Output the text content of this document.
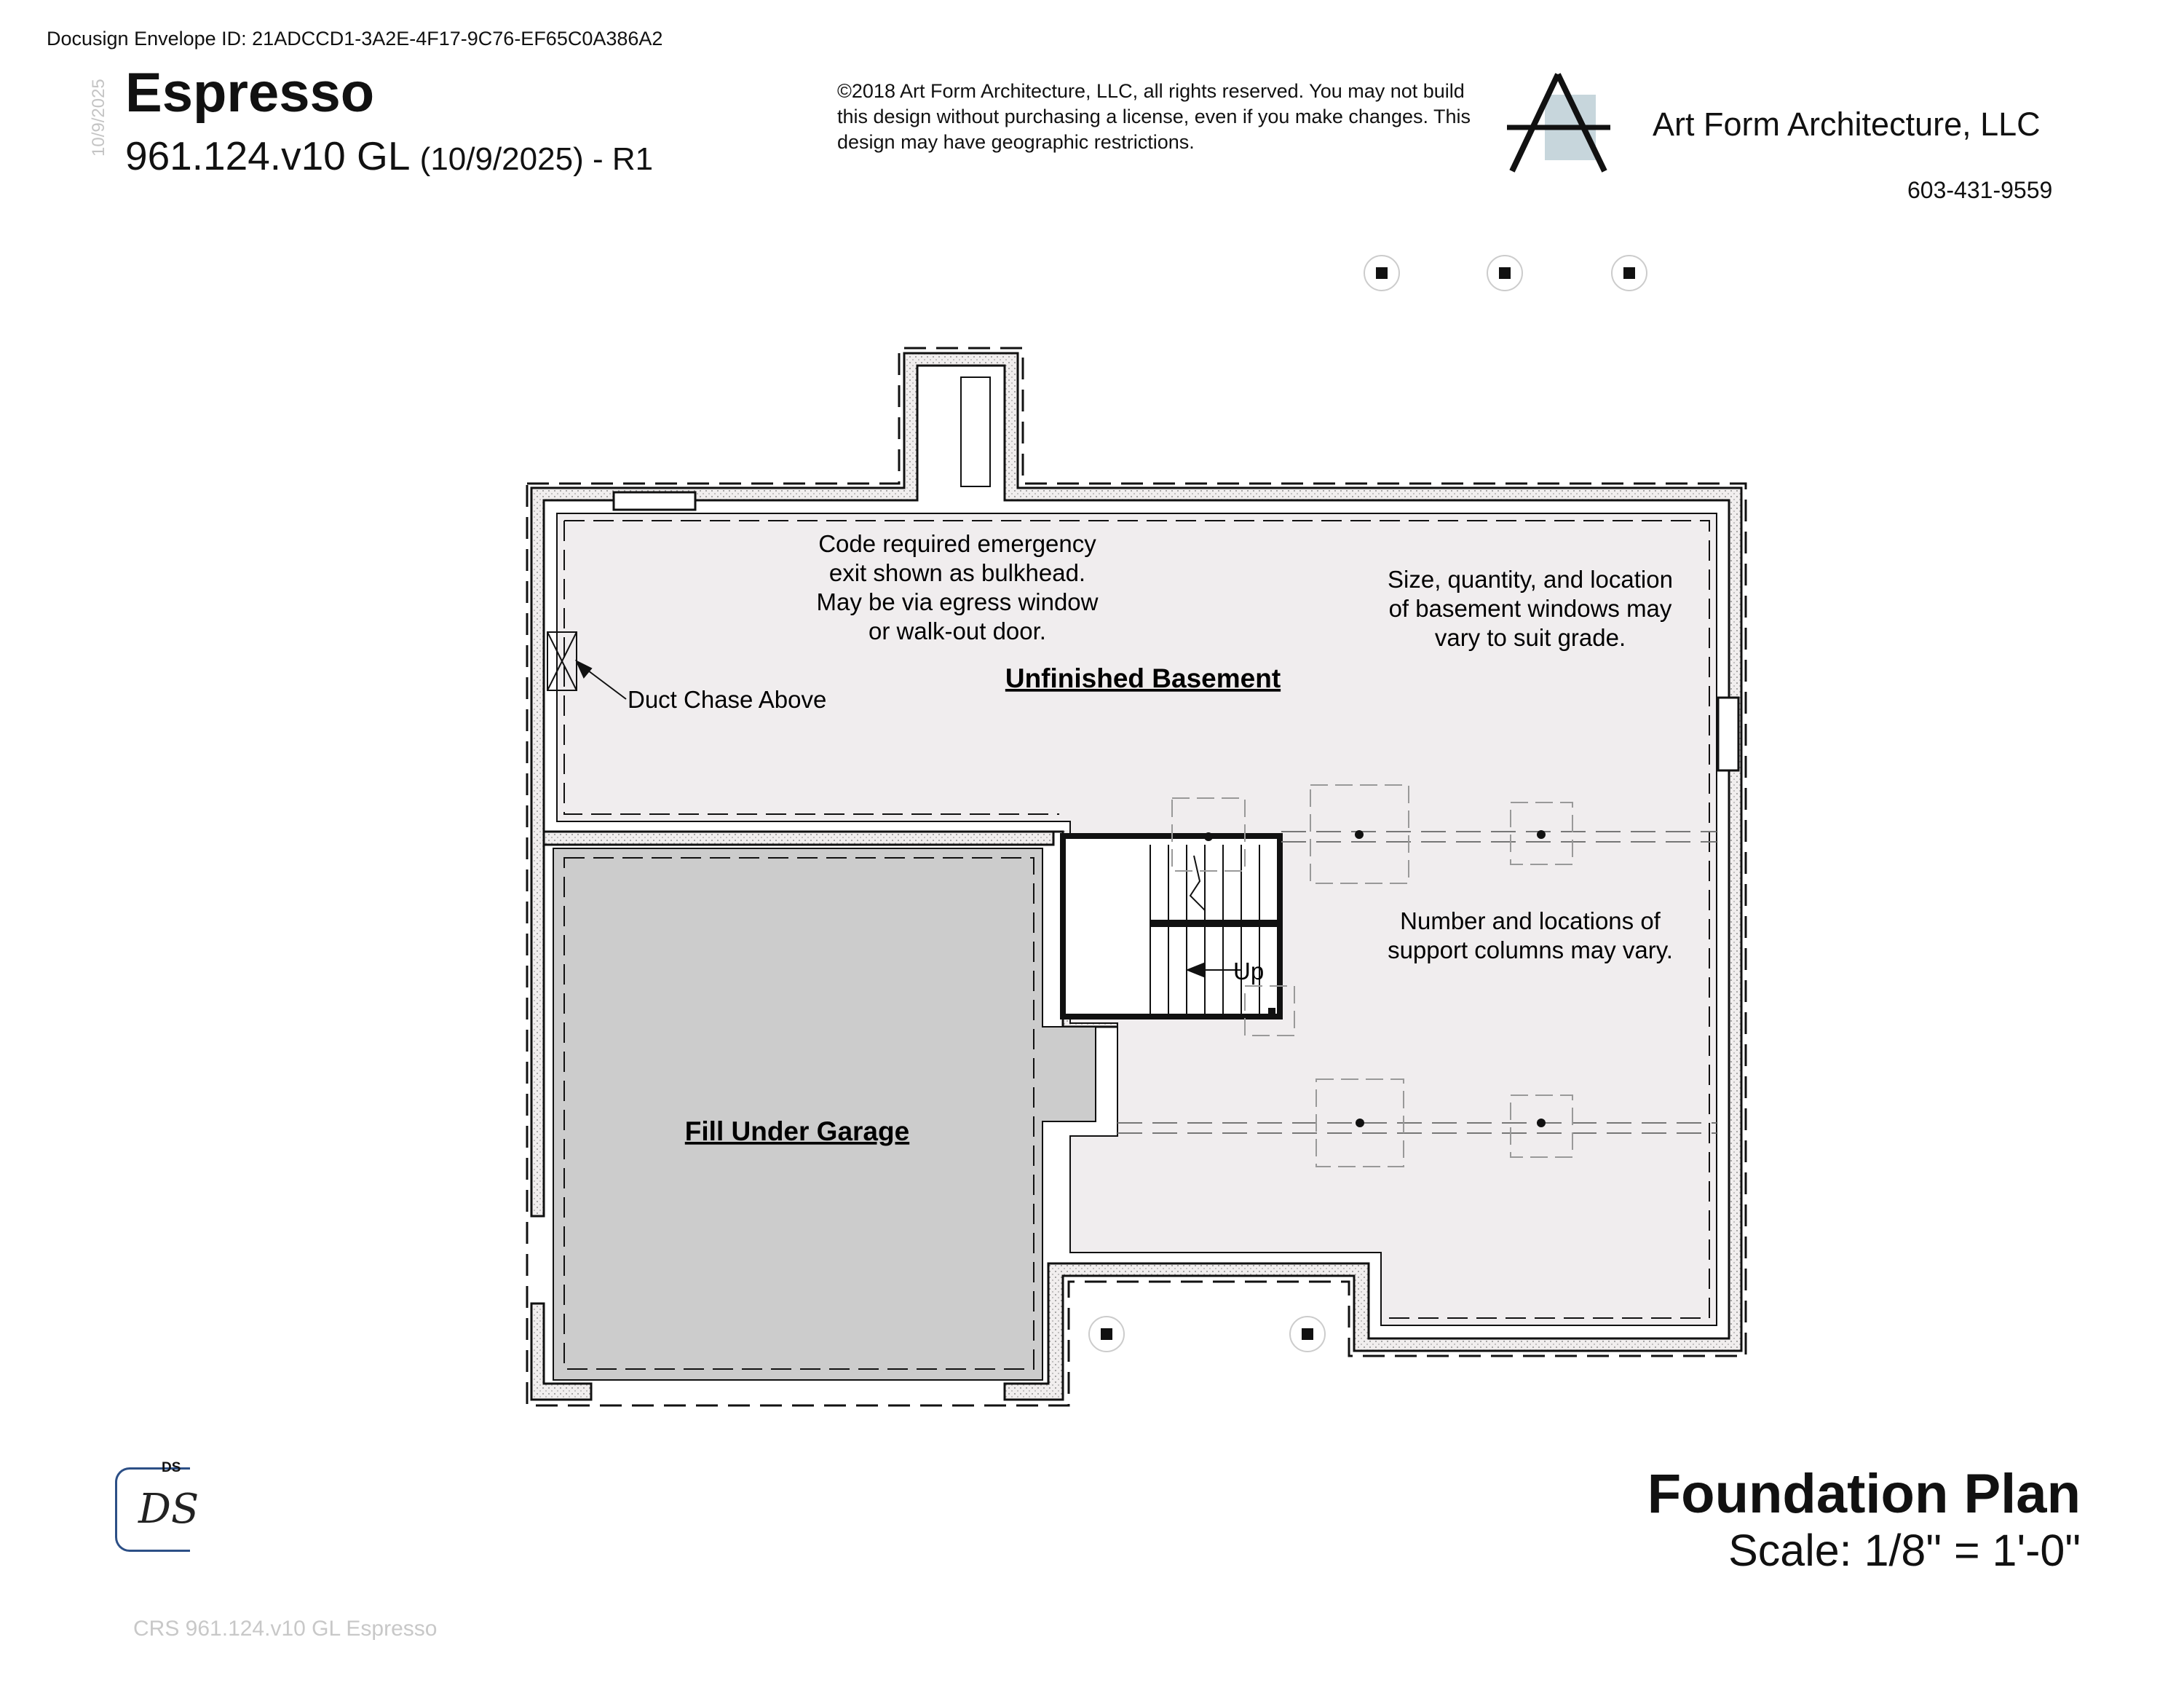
Docusign Envelope ID: 21ADCCD1-3A2E-4F17-9C76-EF65C0A386A2
10/9/2025 Espresso
961.124.v10 GL (10/9/2025) - R1
©2018 Art Form Architecture, LLC, all rights reserved. You may not build this design without purchasing a license, even if you make changes. This design may have geographic restrictions.	Art Form Architecture, LLC
603-431-9559
Code required emergency
exit shown as bulkhead.
May be via egress window
or walk-out door.
Size, quantity, and location
of basement windows may
vary to suit grade.
Unfinished Basement
Duct Chase Above
Number and locations of
support columns may vary.
Up
Fill Under Garage
DS
DS	Foundation Plan
Scale: 1/8" = 1'-0"
CRS 961.124.v10 GL Espresso
